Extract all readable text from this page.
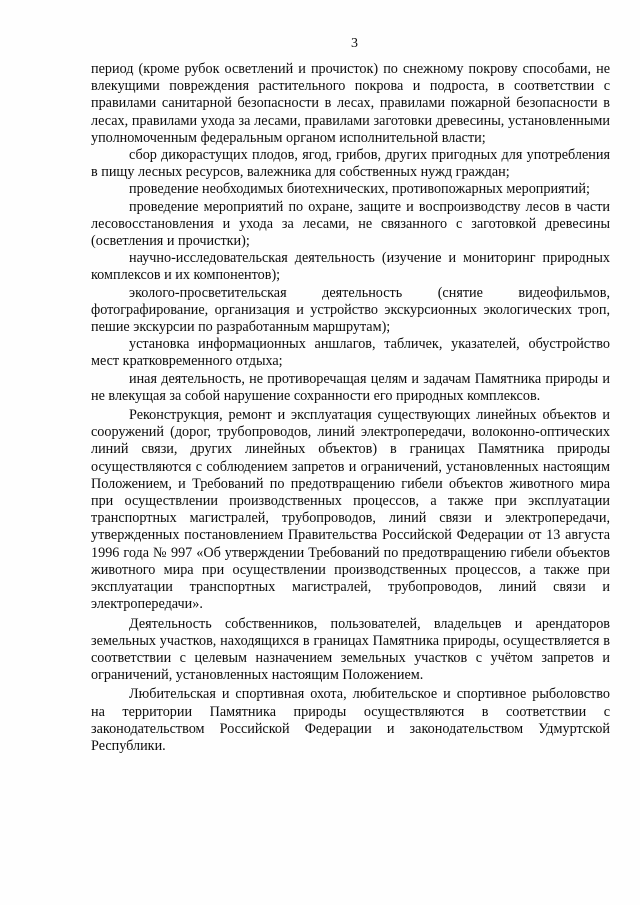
3

период (кроме рубок осветлений и прочисток) по снежному покрову способами, не влекущими повреждения растительного покрова и подроста, в соответствии с правилами санитарной безопасности в лесах, правилами пожарной безопасности в лесах, правилами ухода за лесами, правилами заготовки древесины, установленными уполномоченным федеральным органом исполнительной власти;

сбор дикорастущих плодов, ягод, грибов, других пригодных для употребления в пищу лесных ресурсов, валежника для собственных нужд граждан;

проведение необходимых биотехнических, противопожарных мероприятий;

проведение мероприятий по охране, защите и воспроизводству лесов в части лесовосстановления и ухода за лесами, не связанного с заготовкой древесины (осветления и прочистки);

научно-исследовательская деятельность (изучение и мониторинг природных комплексов и их компонентов);

эколого-просветительская деятельность (снятие видеофильмов, фотографирование, организация и устройство экскурсионных экологических троп, пешие экскурсии по разработанным маршрутам);

установка информационных аншлагов, табличек, указателей, обустройство мест кратковременного отдыха;

иная деятельность, не противоречащая целям и задачам Памятника природы и не влекущая за собой нарушение сохранности его природных комплексов.

Реконструкция, ремонт и эксплуатация существующих линейных объектов и сооружений (дорог, трубопроводов, линий электропередачи, волоконно-оптических линий связи, других линейных объектов) в границах Памятника природы осуществляются с соблюдением запретов и ограничений, установленных настоящим Положением, и Требований по предотвращению гибели объектов животного мира при осуществлении производственных процессов, а также при эксплуатации транспортных магистралей, трубопроводов, линий связи и электропередачи, утвержденных постановлением Правительства Российской Федерации от 13 августа 1996 года № 997 «Об утверждении Требований по предотвращению гибели объектов животного мира при осуществлении производственных процессов, а также при эксплуатации транспортных магистралей, трубопроводов, линий связи и электропередачи».

Деятельность собственников, пользователей, владельцев и арендаторов земельных участков, находящихся в границах Памятника природы, осуществляется в соответствии с целевым назначением земельных участков с учётом запретов и ограничений, установленных настоящим Положением.

Любительская и спортивная охота, любительское и спортивное рыболовство на территории Памятника природы осуществляются в соответствии с законодательством Российской Федерации и законодательством Удмуртской Республики.
